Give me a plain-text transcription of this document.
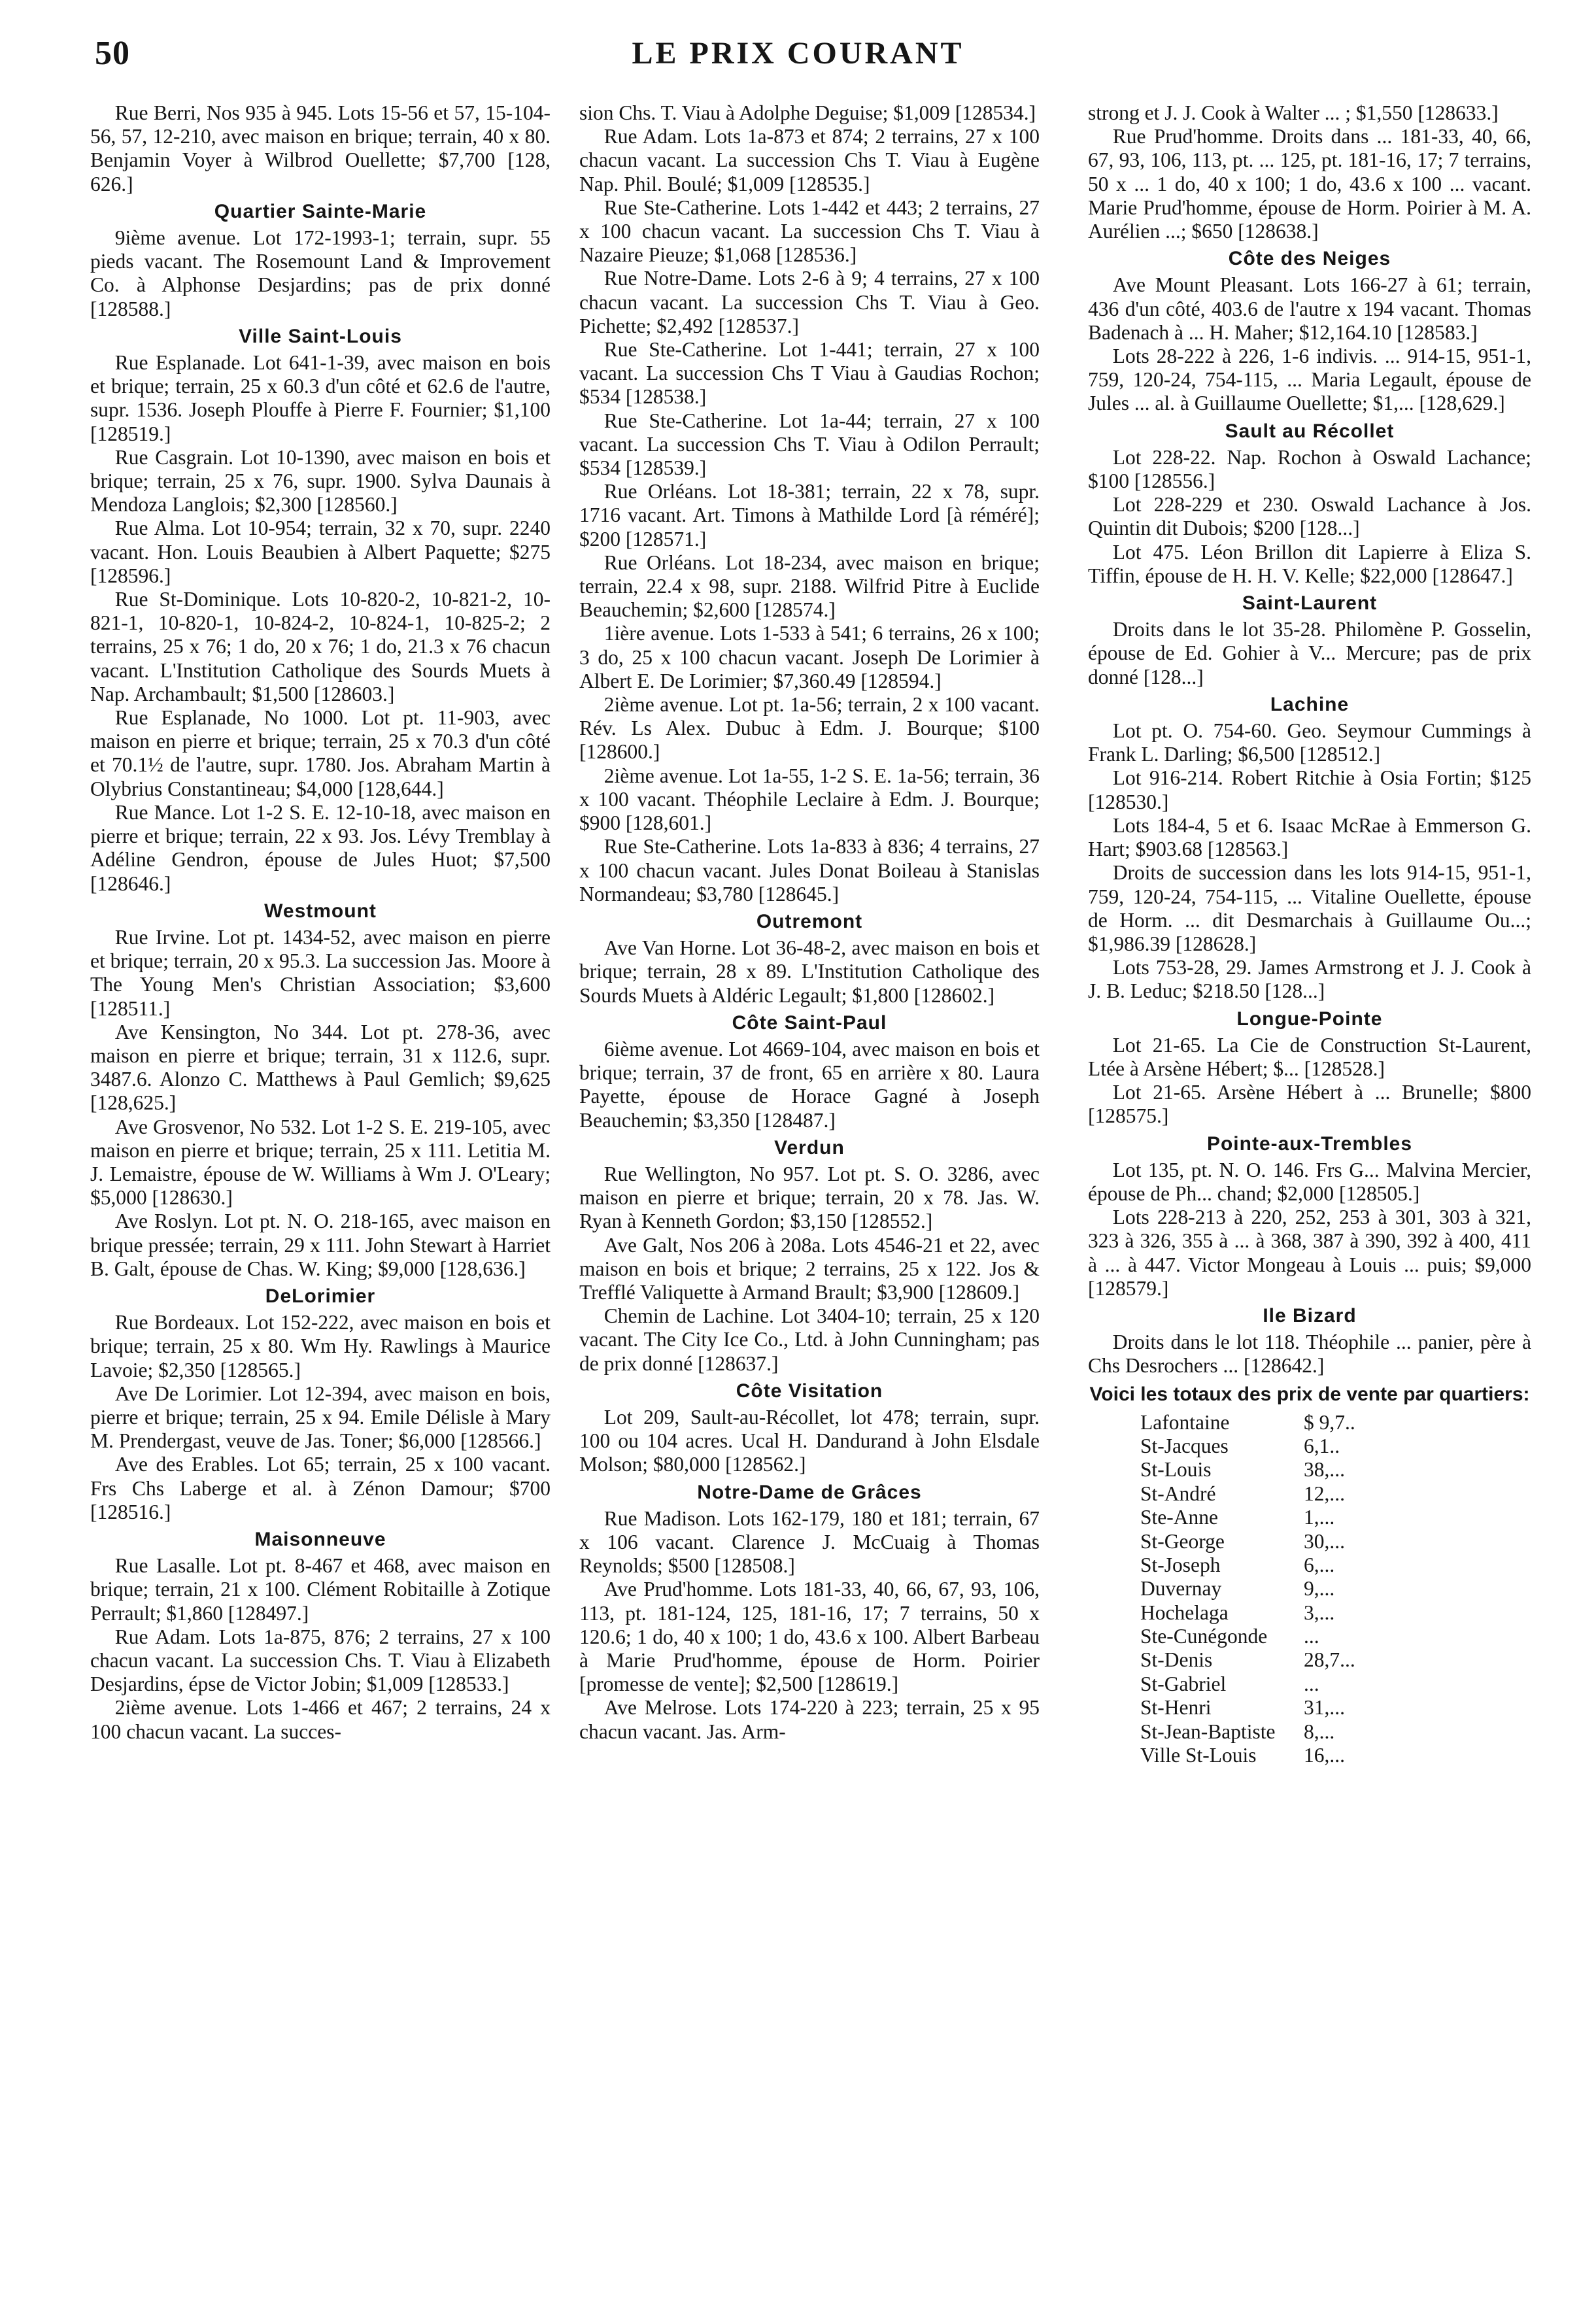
50	LE PRIX COURANT

Rue Berri, Nos 935 à 945. Lots 15-56 et 57, 15-104-56, 57, 12-210, avec maison en brique; terrain, 40 x 80. Benjamin Voyer à Wilbrod Ouellette; $7,700 [128, 626.]

Quartier Sainte-Marie

9ième avenue. Lot 172-1993-1; terrain, supr. 55 pieds vacant. The Rosemount Land & Improvement Co. à Alphonse Desjardins; pas de prix donné [128588.]

Ville Saint-Louis

Rue Esplanade. Lot 641-1-39, avec maison en bois et brique; terrain, 25 x 60.3 d'un côté et 62.6 de l'autre, supr. 1536. Joseph Plouffe à Pierre F. Fournier; $1,100 [128519.]

Rue Casgrain. Lot 10-1390, avec maison en bois et brique; terrain, 25 x 76, supr. 1900. Sylva Daunais à Mendoza Langlois; $2,300 [128560.]

Rue Alma. Lot 10-954; terrain, 32 x 70, supr. 2240 vacant. Hon. Louis Beaubien à Albert Paquette; $275 [128596.]

Rue St-Dominique. Lots 10-820-2, 10-821-2, 10-821-1, 10-820-1, 10-824-2, 10-824-1, 10-825-2; 2 terrains, 25 x 76; 1 do, 20 x 76; 1 do, 21.3 x 76 chacun vacant. L'Institution Catholique des Sourds Muets à Nap. Archambault; $1,500 [128603.]

Rue Esplanade, No 1000. Lot pt. 11-903, avec maison en pierre et brique; terrain, 25 x 70.3 d'un côté et 70.1½ de l'autre, supr. 1780. Jos. Abraham Martin à Olybrius Constantineau; $4,000 [128,644.]

Rue Mance. Lot 1-2 S. E. 12-10-18, avec maison en pierre et brique; terrain, 22 x 93. Jos. Lévy Tremblay à Adéline Gendron, épouse de Jules Huot; $7,500 [128646.]

Westmount

Rue Irvine. Lot pt. 1434-52, avec maison en pierre et brique; terrain, 20 x 95.3. La succession Jas. Moore à The Young Men's Christian Association; $3,600 [128511.]

Ave Kensington, No 344. Lot pt. 278-36, avec maison en pierre et brique; terrain, 31 x 112.6, supr. 3487.6. Alonzo C. Matthews à Paul Gemlich; $9,625 [128,625.]

Ave Grosvenor, No 532. Lot 1-2 S. E. 219-105, avec maison en pierre et brique; terrain, 25 x 111. Letitia M. J. Lemaistre, épouse de W. Williams à Wm J. O'Leary; $5,000 [128630.]

Ave Roslyn. Lot pt. N. O. 218-165, avec maison en brique pressée; terrain, 29 x 111. John Stewart à Harriet B. Galt, épouse de Chas. W. King; $9,000 [128,636.]

DeLorimier

Rue Bordeaux. Lot 152-222, avec maison en bois et brique; terrain, 25 x 80. Wm Hy. Rawlings à Maurice Lavoie; $2,350 [128565.]

Ave De Lorimier. Lot 12-394, avec maison en bois, pierre et brique; terrain, 25 x 94. Emile Délisle à Mary M. Prendergast, veuve de Jas. Toner; $6,000 [128566.]

Ave des Erables. Lot 65; terrain, 25 x 100 vacant. Frs Chs Laberge et al. à Zénon Damour; $700 [128516.]

Maisonneuve

Rue Lasalle. Lot pt. 8-467 et 468, avec maison en brique; terrain, 21 x 100. Clément Robitaille à Zotique Perrault; $1,860 [128497.]

Rue Adam. Lots 1a-875, 876; 2 terrains, 27 x 100 chacun vacant. La succession Chs. T. Viau à Elizabeth Desjardins, épse de Victor Jobin; $1,009 [128533.]

2ième avenue. Lots 1-466 et 467; 2 terrains, 24 x 100 chacun vacant. La succes-

sion Chs. T. Viau à Adolphe Deguise; $1,009 [128534.]

Rue Adam. Lots 1a-873 et 874; 2 terrains, 27 x 100 chacun vacant. La succession Chs T. Viau à Eugène Nap. Phil. Boulé; $1,009 [128535.]

Rue Ste-Catherine. Lots 1-442 et 443; 2 terrains, 27 x 100 chacun vacant. La succession Chs T. Viau à Nazaire Pieuze; $1,068 [128536.]

Rue Notre-Dame. Lots 2-6 à 9; 4 terrains, 27 x 100 chacun vacant. La succession Chs T. Viau à Geo. Pichette; $2,492 [128537.]

Rue Ste-Catherine. Lot 1-441; terrain, 27 x 100 vacant. La succession Chs T Viau à Gaudias Rochon; $534 [128538.]

Rue Ste-Catherine. Lot 1a-44; terrain, 27 x 100 vacant. La succession Chs T. Viau à Odilon Perrault; $534 [128539.]

Rue Orléans. Lot 18-381; terrain, 22 x 78, supr. 1716 vacant. Art. Timons à Mathilde Lord [à réméré]; $200 [128571.]

Rue Orléans. Lot 18-234, avec maison en brique; terrain, 22.4 x 98, supr. 2188. Wilfrid Pitre à Euclide Beauchemin; $2,600 [128574.]

1ière avenue. Lots 1-533 à 541; 6 terrains, 26 x 100; 3 do, 25 x 100 chacun vacant. Joseph De Lorimier à Albert E. De Lorimier; $7,360.49 [128594.]

2ième avenue. Lot pt. 1a-56; terrain, 2 x 100 vacant. Rév. Ls Alex. Dubuc à Edm. J. Bourque; $100 [128600.]

2ième avenue. Lot 1a-55, 1-2 S. E. 1a-56; terrain, 36 x 100 vacant. Théophile Leclaire à Edm. J. Bourque; $900 [128,601.]

Rue Ste-Catherine. Lots 1a-833 à 836; 4 terrains, 27 x 100 chacun vacant. Jules Donat Boileau à Stanislas Normandeau; $3,780 [128645.]

Outremont

Ave Van Horne. Lot 36-48-2, avec maison en bois et brique; terrain, 28 x 89. L'Institution Catholique des Sourds Muets à Aldéric Legault; $1,800 [128602.]

Côte Saint-Paul

6ième avenue. Lot 4669-104, avec maison en bois et brique; terrain, 37 de front, 65 en arrière x 80. Laura Payette, épouse de Horace Gagné à Joseph Beauchemin; $3,350 [128487.]

Verdun

Rue Wellington, No 957. Lot pt. S. O. 3286, avec maison en pierre et brique; terrain, 20 x 78. Jas. W. Ryan à Kenneth Gordon; $3,150 [128552.]

Ave Galt, Nos 206 à 208a. Lots 4546-21 et 22, avec maison en bois et brique; 2 terrains, 25 x 122. Jos & Trefflé Valiquette à Armand Brault; $3,900 [128609.]

Chemin de Lachine. Lot 3404-10; terrain, 25 x 120 vacant. The City Ice Co., Ltd. à John Cunningham; pas de prix donné [128637.]

Côte Visitation

Lot 209, Sault-au-Récollet, lot 478; terrain, supr. 100 ou 104 acres. Ucal H. Dandurand à John Elsdale Molson; $80,000 [128562.]

Notre-Dame de Grâces

Rue Madison. Lots 162-179, 180 et 181; terrain, 67 x 106 vacant. Clarence J. McCuaig à Thomas Reynolds; $500 [128508.]

Ave Prud'homme. Lots 181-33, 40, 66, 67, 93, 106, 113, pt. 181-124, 125, 181-16, 17; 7 terrains, 50 x 120.6; 1 do, 40 x 100; 1 do, 43.6 x 100. Albert Barbeau à Marie Prud'homme, épouse de Horm. Poirier [promesse de vente]; $2,500 [128619.]

Ave Melrose. Lots 174-220 à 223; terrain, 25 x 95 chacun vacant. Jas. Arm-

strong et J. J. Cook à Walter ... ; $1,550 [128633.]

Rue Prud'homme. Droits dans ... 181-33, 40, 66, 67, 93, 106, 113, pt. ... 125, pt. 181-16, 17; 7 terrains, 50 x ... 1 do, 40 x 100; 1 do, 43.6 x 100 ... vacant. Marie Prud'homme, épouse de Horm. Poirier à M. A. Aurélien ...; $650 [128638.]

Côte des Neiges

Ave Mount Pleasant. Lots 166-27 à 61; terrain, 436 d'un côté, 403.6 de l'autre x 194 vacant. Thomas Badenach à ... H. Maher; $12,164.10 [128583.]

Lots 28-222 à 226, 1-6 indivis. ... 914-15, 951-1, 759, 120-24, 754-115, ... Maria Legault, épouse de Jules ... al. à Guillaume Ouellette; $1,... [128,629.]

Sault au Récollet

Lot 228-22. Nap. Rochon à Oswald Lachance; $100 [128556.]

Lot 228-229 et 230. Oswald Lachance à Jos. Quintin dit Dubois; $200 [128...]

Lot 475. Léon Brillon dit Lapierre à Eliza S. Tiffin, épouse de H. H. V. Kelle; $22,000 [128647.]

Saint-Laurent

Droits dans le lot 35-28. Philomène P. Gosselin, épouse de Ed. Gohier à V... Mercure; pas de prix donné [128...]

Lachine

Lot pt. O. 754-60. Geo. Seymour Cummings à Frank L. Darling; $6,500 [128512.]

Lot 916-214. Robert Ritchie à Osia Fortin; $125 [128530.]

Lots 184-4, 5 et 6. Isaac McRae à Emmerson G. Hart; $903.68 [128563.]

Droits de succession dans les lots 914-15, 951-1, 759, 120-24, 754-115, ... Vitaline Ouellette, épouse de Horm. ... dit Desmarchais à Guillaume Ou...; $1,986.39 [128628.]

Lots 753-28, 29. James Armstrong et J. J. Cook à J. B. Leduc; $218.50 [128...]

Longue-Pointe

Lot 21-65. La Cie de Construction St-Laurent, Ltée à Arsène Hébert; $... [128528.]

Lot 21-65. Arsène Hébert à ... Brunelle; $800 [128575.]

Pointe-aux-Trembles

Lot 135, pt. N. O. 146. Frs G... Malvina Mercier, épouse de Ph... chand; $2,000 [128505.]

Lots 228-213 à 220, 252, 253 à 301, 303 à 321, 323 à 326, 355 à ... à 368, 387 à 390, 392 à 400, 411 à ... à 447. Victor Mongeau à Louis ... puis; $9,000 [128579.]

Ile Bizard

Droits dans le lot 118. Théophile ... panier, père à Chs Desrochers ... [128642.]

Voici les totaux des prix de vente par quartiers:
Lafontaine	$ 9,7..
St-Jacques	6,1..
St-Louis	38,...
St-André	12,...
Ste-Anne	1,...
St-George	30,...
St-Joseph	6,...
Duvernay	9,...
Hochelaga	3,...
Ste-Cunégonde	...
St-Denis	28,7...
St-Gabriel	...
St-Henri	31,...
St-Jean-Baptiste	8,...
Ville St-Louis	16,...
